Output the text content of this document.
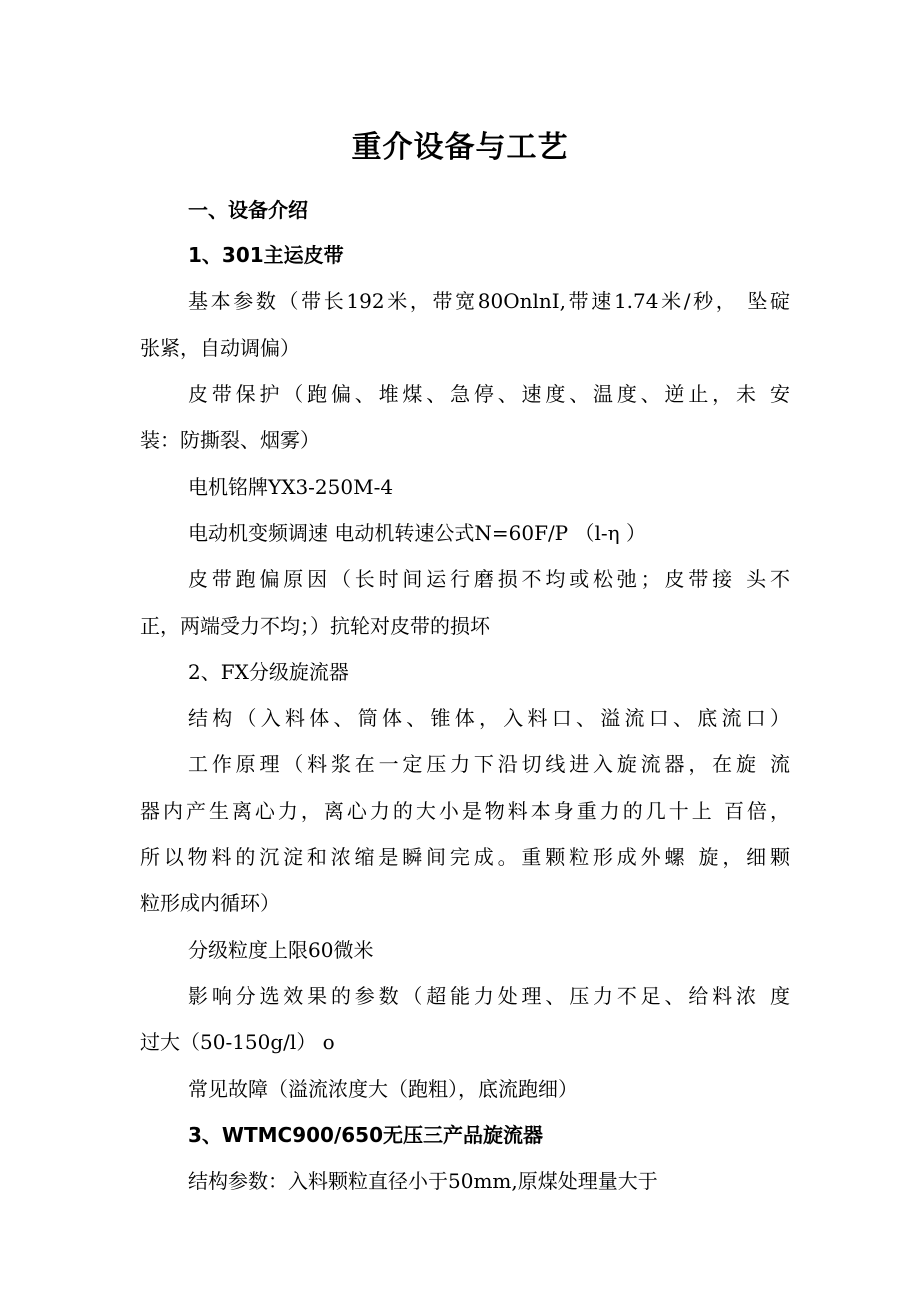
重介设备与工艺
一、设备介绍
1、301主运皮带
基本参数（带长192米，带宽80OnlnI,带速1.74米/秒， 坠碇
张紧，自动调偏）
皮带保护（跑偏、堆煤、急停、速度、温度、逆止，未 安
装：防撕裂、烟雾）
电机铭牌YX3-250M-4
电动机变频调速 电动机转速公式N=60F/P （l-η ）
皮带跑偏原因（长时间运行磨损不均或松弛；皮带接 头不
正，两端受力不均；）抗轮对皮带的损坏
2、FX分级旋流器
结构（入料体、筒体、锥体，入料口、溢流口、底流口）
工作原理（料浆在一定压力下沿切线进入旋流器，在旋 流
器内产生离心力，离心力的大小是物料本身重力的几十上 百倍，
所以物料的沉淀和浓缩是瞬间完成。重颗粒形成外螺 旋，细颗
粒形成内循环）
分级粒度上限60微米
影响分选效果的参数（超能力处理、压力不足、给料浓 度
过大（50-150g/l） o
常见故障（溢流浓度大（跑粗），底流跑细）
3、WTMC900/650无压三产品旋流器
结构参数：入料颗粒直径小于50mm,原煤处理量大于
